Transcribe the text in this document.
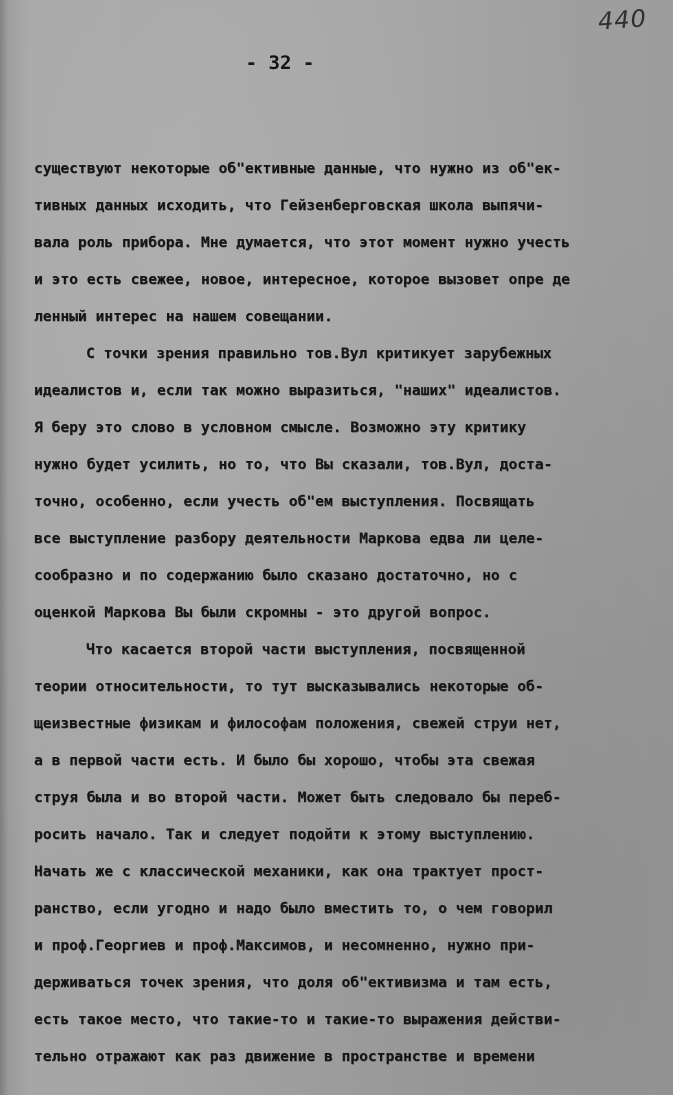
440
- 32 -
существуют некоторые об"ективные данные, что нужно из об"ек-
тивных данных исходить, что Гейзенберговская школа выпячи-
вала роль прибора. Мне думается, что этот момент нужно учесть
и это есть свежее, новое, интересное, которое вызовет опре де
ленный интерес на нашем совещании.
С точки зрения правильно тов.Вул критикует зарубежных
идеалистов и, если так можно выразиться, "наших" идеалистов.
Я беру это слово в условном смысле. Возможно эту критику
нужно будет усилить, но то, что Вы сказали, тов.Вул, доста-
точно, особенно, если учесть об"ем выступления. Посвящать
все выступление разбору деятельности Маркова едва ли целе-
сообразно и по содержанию было сказано достаточно, но с
оценкой Маркова Вы были скромны - это другой вопрос.
Что касается второй части выступления, посвященной
теории относительности, то тут высказывались некоторые об-
щеизвестные физикам и философам положения, свежей струи нет,
а в первой части есть. И было бы хорошо, чтобы эта свежая
струя была и во второй части. Может быть следовало бы переб-
росить начало. Так и следует подойти к этому выступлению.
Начать же с классической механики, как она трактует прост-
ранство, если угодно и надо было вместить то, о чем говорил
и проф.Георгиев и проф.Максимов, и несомненно, нужно при-
держиваться точек зрения, что доля об"ективизма и там есть,
есть такое место, что такие-то и такие-то выражения действи-
тельно отражают как раз движение в пространстве и времени
